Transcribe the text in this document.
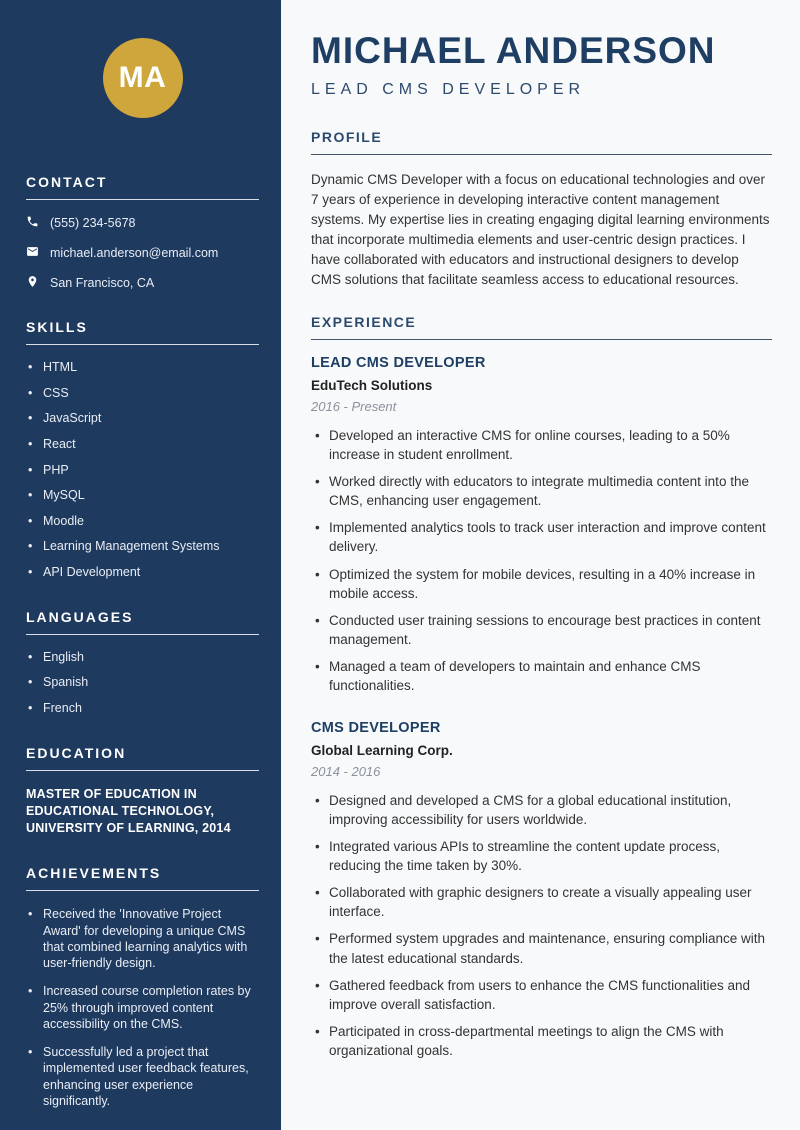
MA
CONTACT
(555) 234-5678
michael.anderson@email.com
San Francisco, CA
SKILLS
• HTML
• CSS
• JavaScript
• React
• PHP
• MySQL
• Moodle
• Learning Management Systems
• API Development
LANGUAGES
• English
• Spanish
• French
EDUCATION
MASTER OF EDUCATION IN EDUCATIONAL TECHNOLOGY, UNIVERSITY OF LEARNING, 2014
ACHIEVEMENTS
• Received the 'Innovative Project Award' for developing a unique CMS that combined learning analytics with user-friendly design.
• Increased course completion rates by 25% through improved content accessibility on the CMS.
• Successfully led a project that implemented user feedback features, enhancing user experience significantly.
MICHAEL ANDERSON
LEAD CMS DEVELOPER
PROFILE

Dynamic CMS Developer with a focus on educational technologies and over 7 years of experience in developing interactive content management systems. My expertise lies in creating engaging digital learning environments that incorporate multimedia elements and user-centric design practices. I have collaborated with educators and instructional designers to develop CMS solutions that facilitate seamless access to educational resources.

EXPERIENCE
LEAD CMS DEVELOPER
EduTech Solutions
2016 - Present
• Developed an interactive CMS for online courses, leading to a 50% increase in student enrollment.
• Worked directly with educators to integrate multimedia content into the CMS, enhancing user engagement.
• Implemented analytics tools to track user interaction and improve content delivery.
• Optimized the system for mobile devices, resulting in a 40% increase in mobile access.
• Conducted user training sessions to encourage best practices in content management.
• Managed a team of developers to maintain and enhance CMS functionalities.
CMS DEVELOPER
Global Learning Corp.
2014 - 2016
• Designed and developed a CMS for a global educational institution, improving accessibility for users worldwide.
• Integrated various APIs to streamline the content update process, reducing the time taken by 30%.
• Collaborated with graphic designers to create a visually appealing user interface.
• Performed system upgrades and maintenance, ensuring compliance with the latest educational standards.
• Gathered feedback from users to enhance the CMS functionalities and improve overall satisfaction.
• Participated in cross-departmental meetings to align the CMS with organizational goals.
